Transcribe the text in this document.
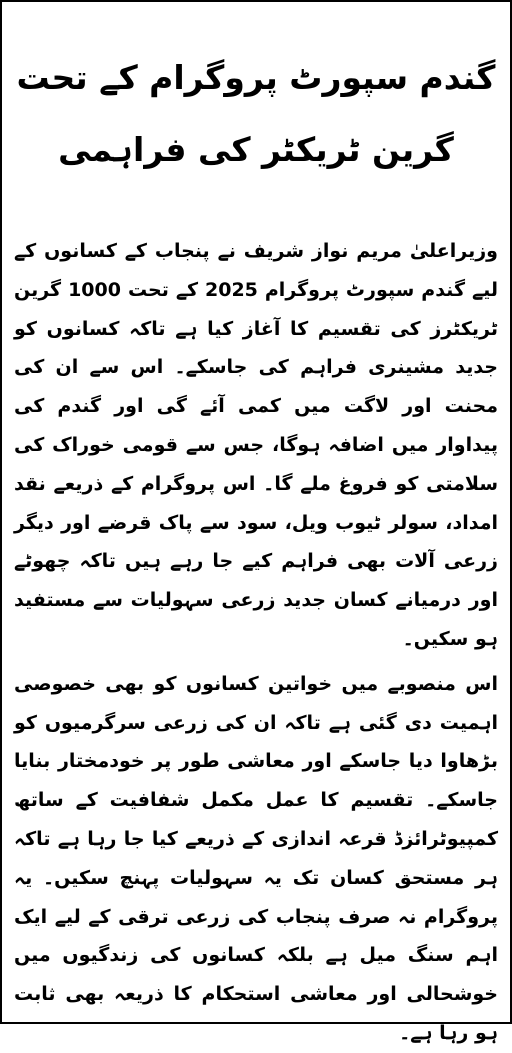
گندم سپورٹ پروگرام کے تحت
گرین ٹریکٹر کی فراہمی

وزیراعلیٰ مریم نواز شریف نے پنجاب کے کسانوں کے لیے گندم سپورٹ پروگرام 2025 کے تحت 1000 گرین ٹریکٹرز کی تقسیم کا آغاز کیا ہے تاکہ کسانوں کو جدید مشینری فراہم کی جاسکے۔ اس سے ان کی محنت اور لاگت میں کمی آئے گی اور گندم کی پیداوار میں اضافہ ہوگا، جس سے قومی خوراک کی سلامتی کو فروغ ملے گا۔ اس پروگرام کے ذریعے نقد امداد، سولر ٹیوب ویل، سود سے پاک قرضے اور دیگر زرعی آلات بھی فراہم کیے جا رہے ہیں تاکہ چھوٹے اور درمیانے کسان جدید زرعی سہولیات سے مستفید ہو سکیں۔

اس منصوبے میں خواتین کسانوں کو بھی خصوصی اہمیت دی گئی ہے تاکہ ان کی زرعی سرگرمیوں کو بڑھاوا دیا جاسکے اور معاشی طور پر خودمختار بنایا جاسکے۔ تقسیم کا عمل مکمل شفافیت کے ساتھ کمپیوٹرائزڈ قرعہ اندازی کے ذریعے کیا جا رہا ہے تاکہ ہر مستحق کسان تک یہ سہولیات پہنچ سکیں۔ یہ پروگرام نہ صرف پنجاب کی زرعی ترقی کے لیے ایک اہم سنگ میل ہے بلکہ کسانوں کی زندگیوں میں خوشحالی اور معاشی استحکام کا ذریعہ بھی ثابت ہو رہا ہے۔
